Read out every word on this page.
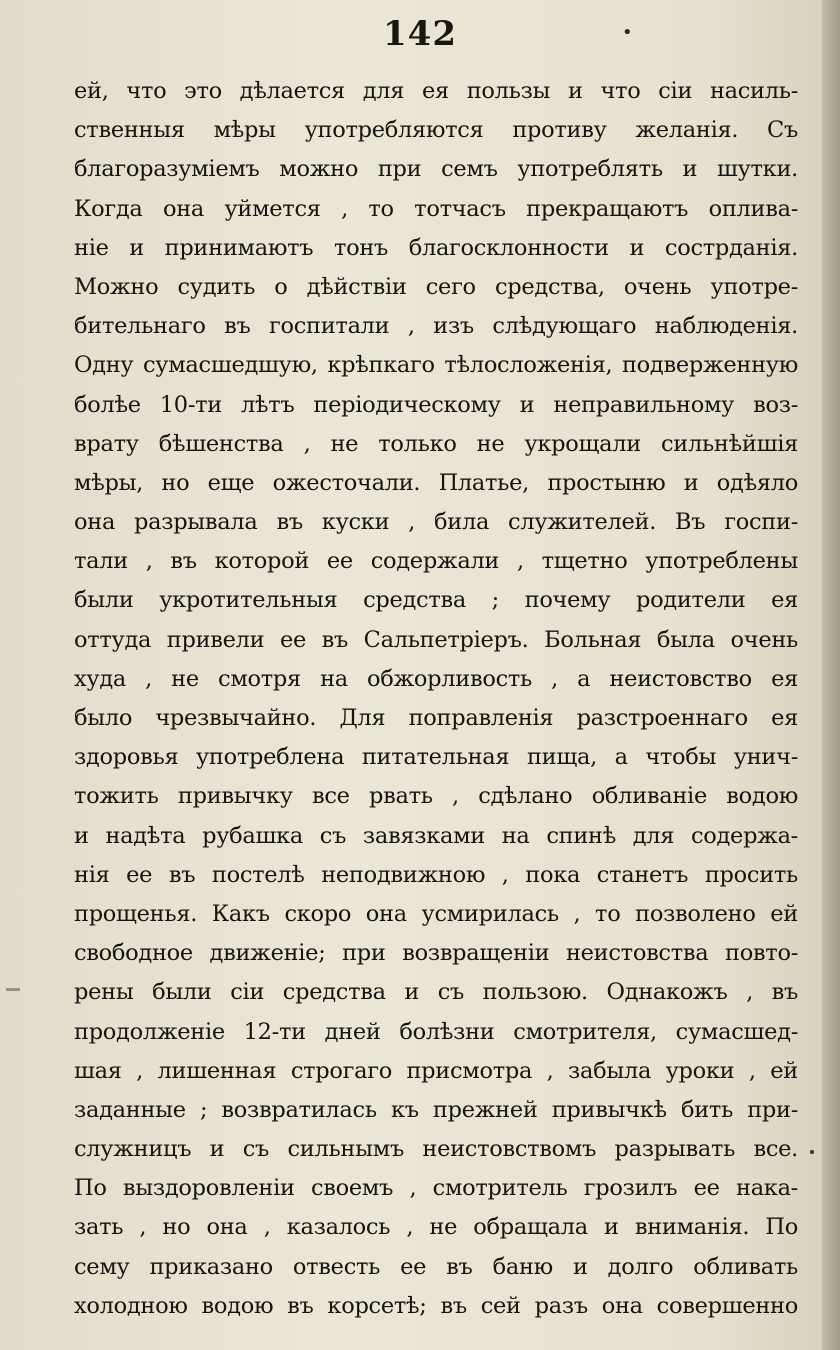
142	•
ей, что это дѣлается для ея пользы и что сіи насиль-
ственныя мѣры употребляются противу желанія. Съ
благоразуміемъ можно при семъ употреблять и шутки.
Когда она уймется , то тотчасъ прекращаютъ оплива-
ніе и принимаютъ тонъ благосклонности и сострданія.
Можно судить о дѣйствіи сего средства, очень употре-
бительнаго въ госпитали , изъ слѣдующаго наблюденія.
Одну сумасшедшую, крѣпкаго тѣлосложенія, подверженную
болѣе 10-ти лѣтъ періодическому и неправильному воз-
врату бѣшенства , не только не укрощали сильнѣйшія
мѣры, но еще ожесточали. Платье, простыню и одѣяло
она разрывала въ куски , била служителей. Въ госпи-
тали , въ которой ее содержали , тщетно употреблены
были укротительныя средства ; почему родители ея
оттуда привели ее въ Сальпетріеръ. Больная была очень
худа , не смотря на обжорливость , а неистовство ея
было чрезвычайно. Для поправленія разстроеннаго ея
здоровья употреблена питательная пища, а чтобы унич-
тожить привычку все рвать , сдѣлано обливаніе водою
и надѣта рубашка съ завязками на спинѣ для содержа-
нія ее въ постелѣ неподвижною , пока станетъ просить
прощенья. Какъ скоро она усмирилась , то позволено ей
свободное движеніе; при возвращеніи неистовства повто-
рены были сіи средства и съ пользою. Однакожъ , въ
продолженіе 12-ти дней болѣзни смотрителя, сумасшед-
шая , лишенная строгаго присмотра , забыла уроки , ей
заданные ; возвратилась къ прежней привычкѣ бить при-
служницъ и съ сильнымъ неистовствомъ разрывать все.
По выздоровленіи своемъ , смотритель грозилъ ее нака-
зать , но она , казалось , не обращала и вниманія. По
сему приказано отвесть ее въ баню и долго обливать
холодною водою въ корсетѣ; въ сей разъ она совершенно
